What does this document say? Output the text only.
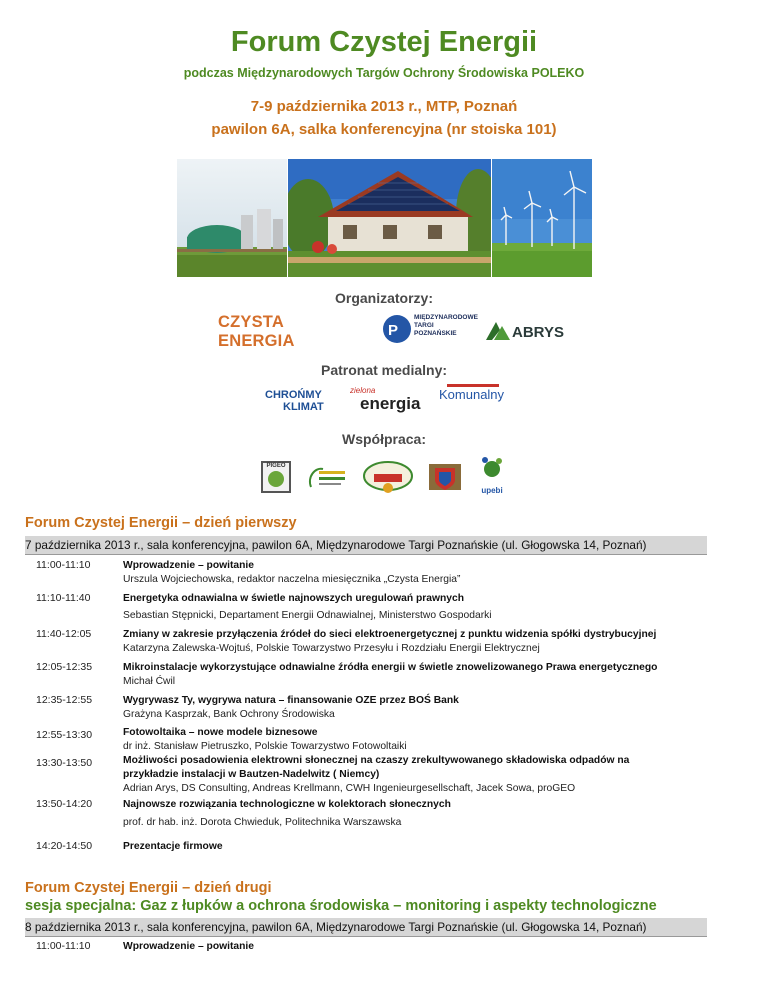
Forum Czystej Energii
podczas Międzynarodowych Targów Ochrony Środowiska POLEKO
7-9 października 2013 r., MTP, Poznań
pawilon 6A, salka konferencyjna (nr stoiska 101)
Organizatorzy:
CZYSTA ENERGIA
P
MIĘDZYNARODOWE
TARGI
POZNAŃSKIE	ABRYS
Patronat medialny:
CHROŃMY
KLIMAT
zielona
energia	Komunalny
Współpraca:
PIGEO
upebi
Forum Czystej Energii – dzień pierwszy
7 października 2013 r., sala konferencyjna, pawilon 6A, Międzynarodowe Targi Poznańskie (ul. Głogowska 14, Poznań)
11:00-11:10	Wprowadzenie – powitanie
Urszula Wojciechowska, redaktor naczelna miesięcznika „Czysta Energia”
11:10-11:40	Energetyka odnawialna w świetle najnowszych uregulowań prawnych
Sebastian Stępnicki, Departament Energii Odnawialnej, Ministerstwo Gospodarki
11:40-12:05	Zmiany w zakresie przyłączenia źródeł do sieci elektroenergetycznej z punktu widzenia spółki dystrybucyjnej
Katarzyna Zalewska-Wojtuś, Polskie Towarzystwo Przesyłu i Rozdziału Energii Elektrycznej
12:05-12:35	Mikroinstalacje wykorzystujące odnawialne źródła energii w świetle znowelizowanego Prawa energetycznego
Michał Ćwil
12:35-12:55	Wygrywasz Ty, wygrywa natura – finansowanie OZE przez BOŚ Bank
Grażyna Kasprzak, Bank Ochrony Środowiska
12:55-13:30	Fotowoltaika – nowe modele biznesowe
dr inż. Stanisław Pietruszko, Polskie Towarzystwo Fotowoltaiki
13:30-13:50	Możliwości posadowienia elektrowni słonecznej na czaszy zrekultywowanego składowiska odpadów na
przykładzie instalacji w Bautzen-Nadelwitz ( Niemcy)
Adrian Arys, DS Consulting, Andreas Krellmann, CWH Ingenieurgesellschaft, Jacek Sowa, proGEO
13:50-14:20	Najnowsze rozwiązania technologiczne w kolektorach słonecznych
prof. dr hab. inż. Dorota Chwieduk, Politechnika Warszawska
14:20-14:50	Prezentacje firmowe
Forum Czystej Energii – dzień drugi
sesja specjalna: Gaz z łupków a ochrona środowiska – monitoring i aspekty technologiczne
8 października 2013 r., sala konferencyjna, pawilon 6A, Międzynarodowe Targi Poznańskie (ul. Głogowska 14, Poznań)
11:00-11:10	Wprowadzenie – powitanie
